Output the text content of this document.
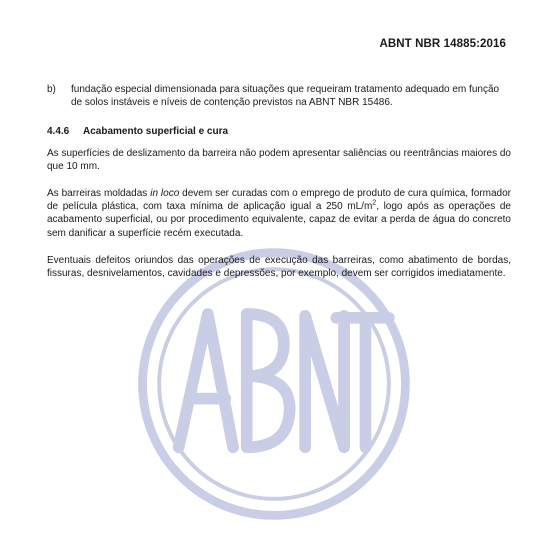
ABNT NBR 14885:2016
b)	fundação especial dimensionada para situações que requeiram tratamento adequado em função de solos instáveis e níveis de contenção previstos na ABNT NBR 15486.
4.4.6 Acabamento superficial e cura

As superfícies de deslizamento da barreira não podem apresentar saliências ou reentrâncias maiores do que 10 mm.

As barreiras moldadas in loco devem ser curadas com o emprego de produto de cura química, formador de película plástica, com taxa mínima de aplicação igual a 250 $mL/m^2$, logo após as operações de acabamento superficial, ou por procedimento equivalente, capaz de evitar a perda de água do concreto sem danificar a superfície recém executada.

Eventuais defeitos oriundos das operações de execução das barreiras, como abatimento de bordas, fissuras, desnivelamentos, cavidades e depressões, por exemplo, devem ser corrigidos imediatamente.
